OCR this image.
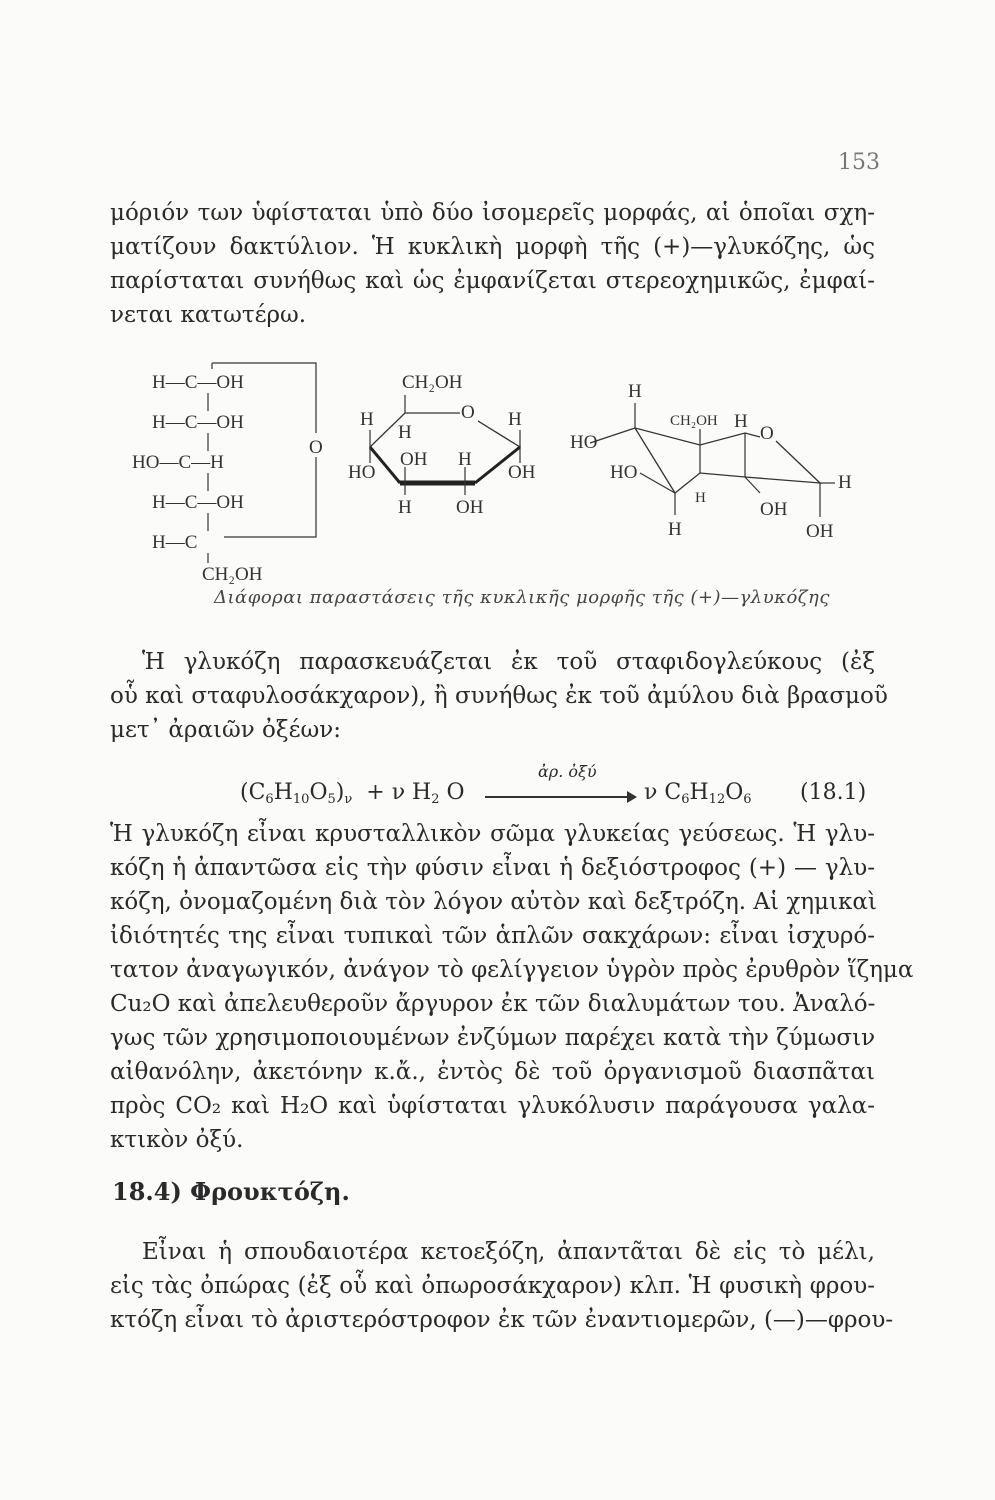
153
μόριόν των ὑφίσταται ὑπὸ δύο ἰσομερεῖς μορφάς, αἱ ὁποῖαι σχη-
ματίζουν δακτύλιον. Ἡ κυκλικὴ μορφὴ τῆς (+)—γλυκόζης, ὡς
παρίσταται συνήθως καὶ ὡς ἐμφανίζεται στερεοχημικῶς, ἐμφαί-
νεται κατωτέρω.
H—C—OH
H—C—OH
HO—C—H
H—C—OH
H—C
CH₂OH
O
CH₂OH
O
H
H
H
HO
OH H
OH
H OH
H
CH₂OH H
O
HO
HO
H
OH
H
H	OH
Διάφοραι παραστάσεις τῆς κυκλικῆς μορφῆς τῆς (+)—γλυκόζης
Ἡ γλυκόζη παρασκευάζεται ἐκ τοῦ σταφιδογλεύκους (ἐξ
οὗ καὶ σταφυλοσάκχαρον), ἢ συνήθως ἐκ τοῦ ἀμύλου διὰ βρασμοῦ
μετ᾽ ἀραιῶν ὀξέων:
$(C_6H_{10}O_5)_\nu + \nu$ $H_2$ O
ἀρ. ὀξύ
ν $C_6H_{12}O_6$ (18.1)
Ἡ γλυκόζη εἶναι κρυσταλλικὸν σῶμα γλυκείας γεύσεως. Ἡ γλυ-
κόζη ἡ ἀπαντῶσα εἰς τὴν φύσιν εἶναι ἡ δεξιόστροφος (+) — γλυ-
κόζη, ὀνομαζομένη διὰ τὸν λόγον αὐτὸν καὶ δεξτρόζη. Αἱ χημικαὶ
ἰδιότητές της εἶναι τυπικαὶ τῶν ἁπλῶν σακχάρων: εἶναι ἰσχυρό-
τατον ἀναγωγικόν, ἀνάγον τὸ φελίγγειον ὑγρὸν πρὸς ἐρυθρὸν ἵζημα
Cu₂O καὶ ἀπελευθεροῦν ἄργυρον ἐκ τῶν διαλυμάτων του. Ἀναλό-
γως τῶν χρησιμοποιουμένων ἐνζύμων παρέχει κατὰ τὴν ζύμωσιν
αἰθανόλην, ἀκετόνην κ.ἄ., ἐντὸς δὲ τοῦ ὀργανισμοῦ διασπᾶται
πρὸς CO₂ καὶ H₂O καὶ ὑφίσταται γλυκόλυσιν παράγουσα γαλα-
κτικὸν ὀξύ.
18.4) Φρουκτόζη.
Εἶναι ἡ σπουδαιοτέρα κετοεξόζη, ἀπαντᾶται δὲ εἰς τὸ μέλι,
εἰς τὰς ὀπώρας (ἐξ οὗ καὶ ὀπωροσάκχαρον) κλπ. Ἡ φυσικὴ φρου-
κτόζη εἶναι τὸ ἀριστερόστροφον ἐκ τῶν ἐναντιομερῶν, (—)—φρου-
